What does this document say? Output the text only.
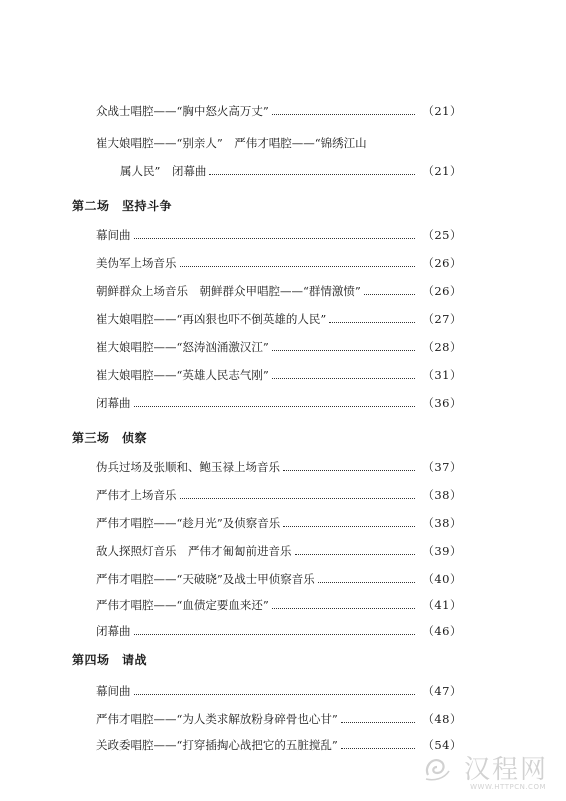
众战士唱腔——“胸中怒火高万丈”	（21）
崔大娘唱腔——“别亲人”　严伟才唱腔——“锦绣江山
属人民”　闭幕曲	（21）
第二场　坚持斗争
幕间曲	（25）
美伪军上场音乐	（26）
朝鲜群众上场音乐　朝鲜群众甲唱腔——“群情激愤”	（26）
崔大娘唱腔——“再凶狠也吓不倒英雄的人民”	（27）
崔大娘唱腔——“怒涛汹涌激汉江”	（28）
崔大娘唱腔——“英雄人民志气刚”	（31）
闭幕曲	（36）
第三场　侦察
伪兵过场及张顺和、鲍玉禄上场音乐	（37）
严伟才上场音乐	（38）
严伟才唱腔——“趁月光”及侦察音乐	（38）
敌人探照灯音乐　严伟才匍匐前进音乐	（39）
严伟才唱腔——“天破晓”及战士甲侦察音乐	（40）
严伟才唱腔——“血债定要血来还”	（41）
闭幕曲	（46）
第四场　请战
幕间曲	（47）
严伟才唱腔——“为人类求解放粉身碎骨也心甘”	（48）
关政委唱腔——“打穿插掏心战把它的五脏搅乱”	（54）
汉程网
WWW.HTTPCN.COM
